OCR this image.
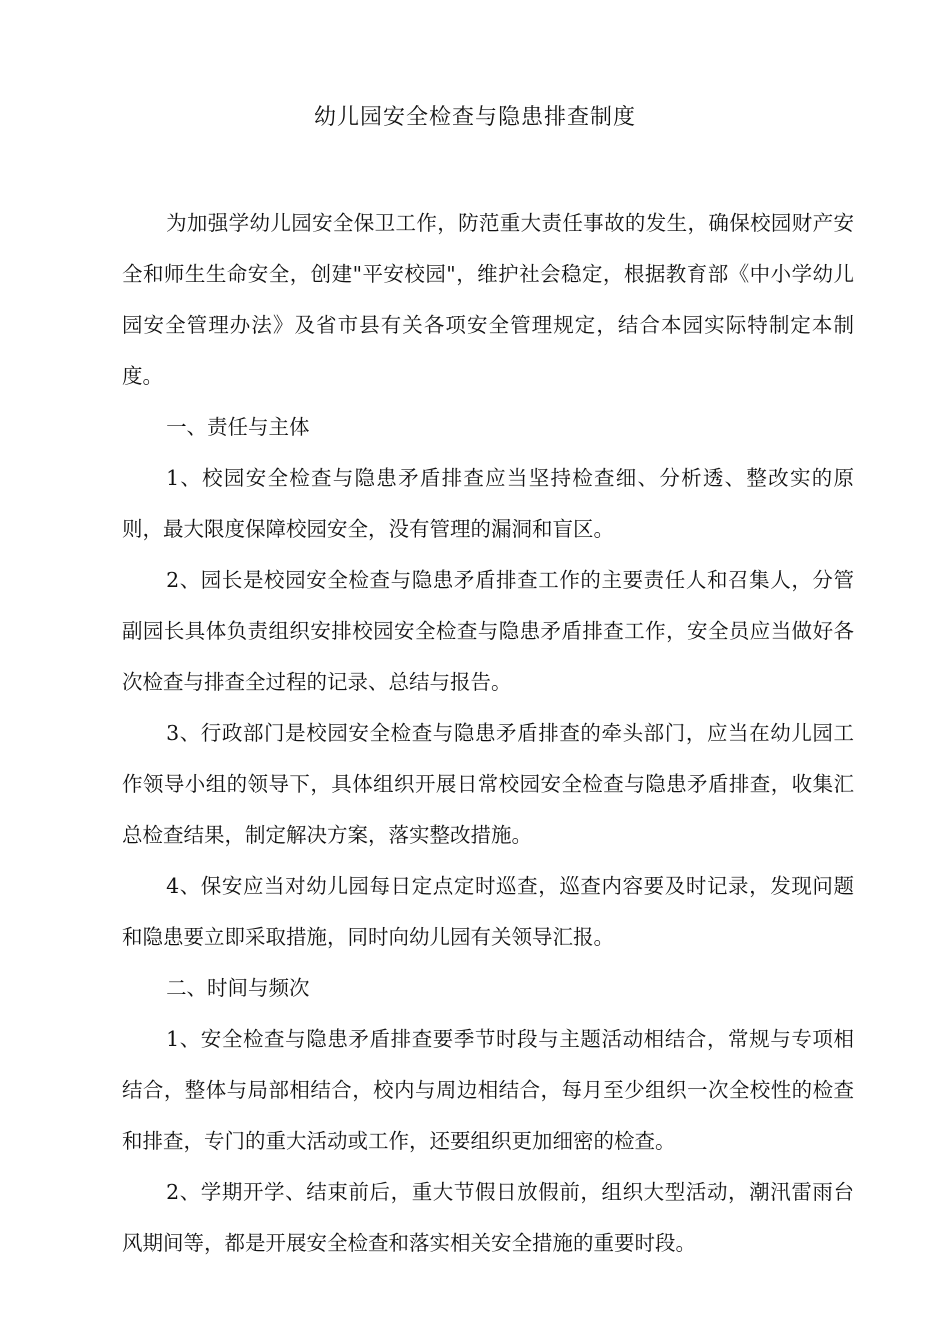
幼儿园安全检查与隐患排查制度

为加强学幼儿园安全保卫工作，防范重大责任事故的发生，确保校园财产安全和师生生命安全，创建"平安校园"，维护社会稳定，根据教育部《中小学幼儿园安全管理办法》及省市县有关各项安全管理规定，结合本园实际特制定本制度。

一、责任与主体

1、校园安全检查与隐患矛盾排查应当坚持检查细、分析透、整改实的原则，最大限度保障校园安全，没有管理的漏洞和盲区。

2、园长是校园安全检查与隐患矛盾排查工作的主要责任人和召集人，分管副园长具体负责组织安排校园安全检查与隐患矛盾排查工作，安全员应当做好各次检查与排查全过程的记录、总结与报告。

3、行政部门是校园安全检查与隐患矛盾排查的牵头部门，应当在幼儿园工作领导小组的领导下，具体组织开展日常校园安全检查与隐患矛盾排查，收集汇总检查结果，制定解决方案，落实整改措施。

4、保安应当对幼儿园每日定点定时巡查，巡查内容要及时记录，发现问题和隐患要立即采取措施，同时向幼儿园有关领导汇报。

二、时间与频次

1、安全检查与隐患矛盾排查要季节时段与主题活动相结合，常规与专项相结合，整体与局部相结合，校内与周边相结合，每月至少组织一次全校性的检查和排查，专门的重大活动或工作，还要组织更加细密的检查。

2、学期开学、结束前后，重大节假日放假前，组织大型活动，潮汛雷雨台风期间等，都是开展安全检查和落实相关安全措施的重要时段。
